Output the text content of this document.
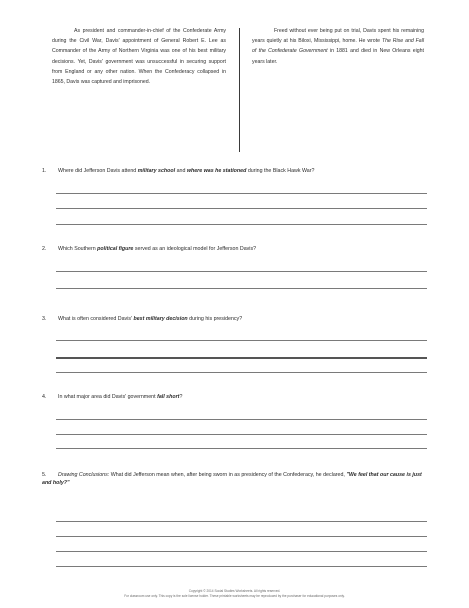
As president and commander-in-chief of the Confederate Army during the Civil War, Davis' appointment of General Robert E. Lee as Commander of the Army of Northern Virginia was one of his best military decisions. Yet, Davis' government was unsuccessful in securing support from England or any other nation. When the Confederacy collapsed in 1865, Davis was captured and imprisoned.
Freed without ever being put on trial, Davis spent his remaining years quietly at his Biloxi, Mississippi, home. He wrote The Rise and Fall of the Confederate Government in 1881 and died in New Orleans eight years later.
1. Where did Jefferson Davis attend military school and where was he stationed during the Black Hawk War?
2. Which Southern political figure served as an ideological model for Jefferson Davis?
3. What is often considered Davis' best military decision during his presidency?
4. In what major area did Davis' government fall short?
5. Drawing Conclusions: What did Jefferson mean when, after being sworn in as presidency of the Confederacy, he declared, "We feel that our cause is just and holy?"
Copyright © 2014 Social Studies Worksheets. All rights reserved.
For classroom use only. This copy is the sole license holder. These printable worksheets may be reproduced by the purchaser for educational purposes only.
